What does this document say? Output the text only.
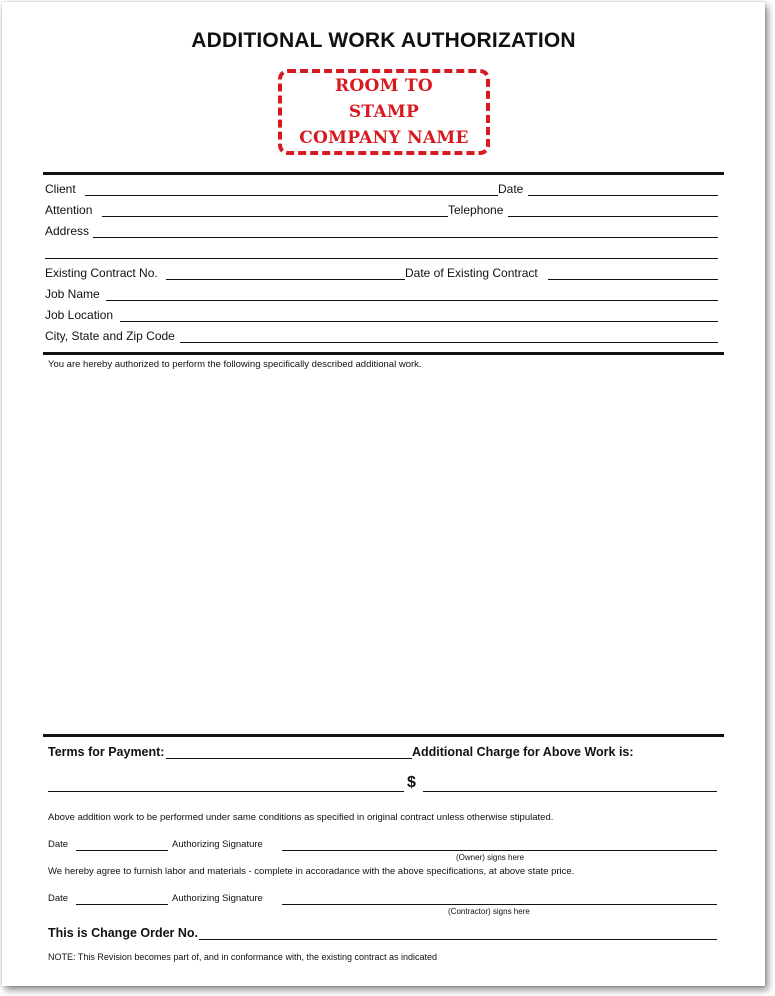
ADDITIONAL WORK AUTHORIZATION
ROOM TO
STAMP
COMPANY NAME
Client	Date
Attention	Telephone
Address
Existing Contract No.	Date of Existing Contract
Job Name
Job Location
City, State and Zip Code
You are hereby authorized to perform the following specifically described additional work.
Terms for Payment:	Additional Charge for Above Work is:
$
Above addition work to be performed under same conditions as specified in original contract unless otherwise stipulated.
Date	Authorizing Signature
(Owner) signs here
We hereby agree to furnish labor and materials - complete in accoradance with the above specifications, at above state price.
Date	Authorizing Signature
(Contractor) signs here
This is Change Order No.
NOTE: This Revision becomes part of, and in conformance with, the existing contract as indicated
